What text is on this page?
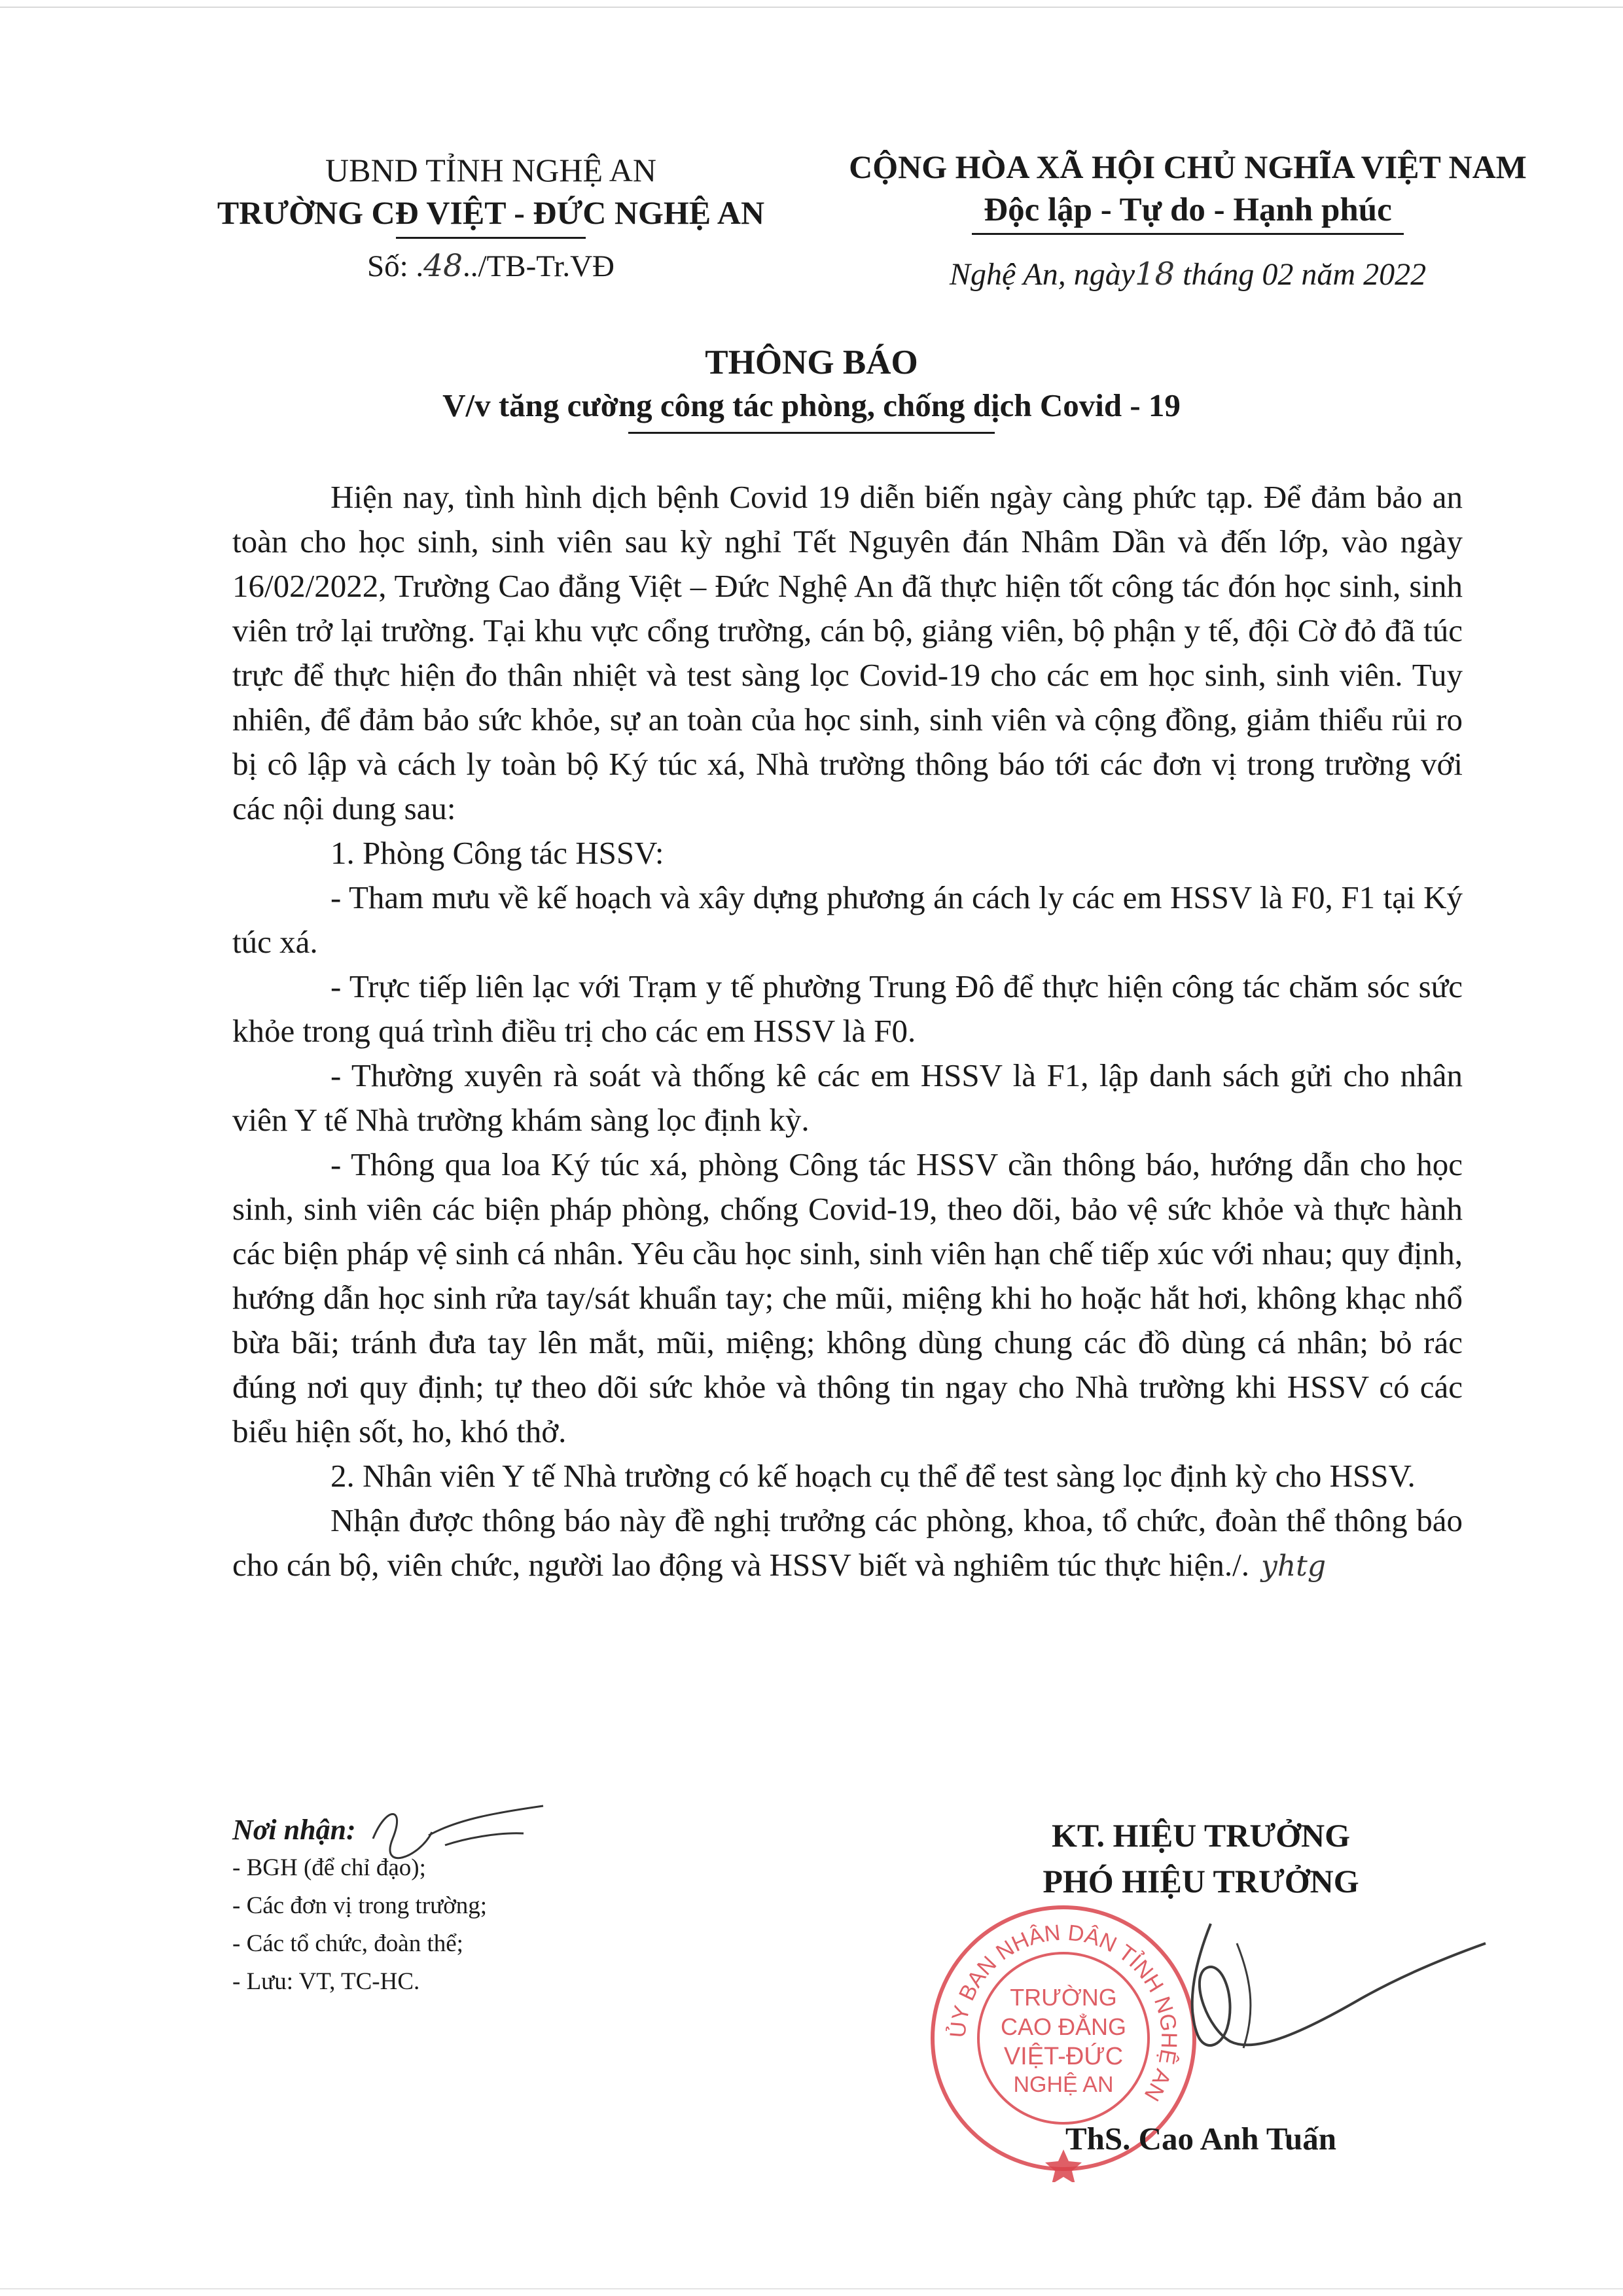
UBND TỈNH NGHỆ AN
TRƯỜNG CĐ VIỆT - ĐỨC NGHỆ AN
Số: .48../TB-Tr.VĐ
CỘNG HÒA XÃ HỘI CHỦ NGHĨA VIỆT NAM
Độc lập - Tự do - Hạnh phúc
Nghệ An, ngày18 tháng 02 năm 2022
THÔNG BÁO
V/v tăng cường công tác phòng, chống dịch Covid - 19

Hiện nay, tình hình dịch bệnh Covid 19 diễn biến ngày càng phức tạp. Để đảm bảo an toàn cho học sinh, sinh viên sau kỳ nghỉ Tết Nguyên đán Nhâm Dần và đến lớp, vào ngày 16/02/2022, Trường Cao đẳng Việt – Đức Nghệ An đã thực hiện tốt công tác đón học sinh, sinh viên trở lại trường. Tại khu vực cổng trường, cán bộ, giảng viên, bộ phận y tế, đội Cờ đỏ đã túc trực để thực hiện đo thân nhiệt và test sàng lọc Covid-19 cho các em học sinh, sinh viên. Tuy nhiên, để đảm bảo sức khỏe, sự an toàn của học sinh, sinh viên và cộng đồng, giảm thiểu rủi ro bị cô lập và cách ly toàn bộ Ký túc xá, Nhà trường thông báo tới các đơn vị trong trường với các nội dung sau:

1. Phòng Công tác HSSV:

- Tham mưu về kế hoạch và xây dựng phương án cách ly các em HSSV là F0, F1 tại Ký túc xá.

- Trực tiếp liên lạc với Trạm y tế phường Trung Đô để thực hiện công tác chăm sóc sức khỏe trong quá trình điều trị cho các em HSSV là F0.

- Thường xuyên rà soát và thống kê các em HSSV là F1, lập danh sách gửi cho nhân viên Y tế Nhà trường khám sàng lọc định kỳ.

- Thông qua loa Ký túc xá, phòng Công tác HSSV cần thông báo, hướng dẫn cho học sinh, sinh viên các biện pháp phòng, chống Covid-19, theo dõi, bảo vệ sức khỏe và thực hành các biện pháp vệ sinh cá nhân. Yêu cầu học sinh, sinh viên hạn chế tiếp xúc với nhau; quy định, hướng dẫn học sinh rửa tay/sát khuẩn tay; che mũi, miệng khi ho hoặc hắt hơi, không khạc nhổ bừa bãi; tránh đưa tay lên mắt, mũi, miệng; không dùng chung các đồ dùng cá nhân; bỏ rác đúng nơi quy định; tự theo dõi sức khỏe và thông tin ngay cho Nhà trường khi HSSV có các biểu hiện sốt, ho, khó thở.

2. Nhân viên Y tế Nhà trường có kế hoạch cụ thể để test sàng lọc định kỳ cho HSSV.

Nhận được thông báo này đề nghị trưởng các phòng, khoa, tổ chức, đoàn thể thông báo cho cán bộ, viên chức, người lao động và HSSV biết và nghiêm túc thực hiện./. yhtg

Nơi nhận:
- BGH (để chỉ đạo);
- Các đơn vị trong trường;
- Các tổ chức, đoàn thể;
- Lưu: VT, TC-HC.
KT. HIỆU TRƯỞNG
PHÓ HIỆU TRƯỞNG
ỦY BAN NHÂN DÂN TỈNH NGHỆ AN
TRƯỜNG
CAO ĐẲNG
VIỆT-ĐỨC
NGHỆ AN
ThS. Cao Anh Tuấn
